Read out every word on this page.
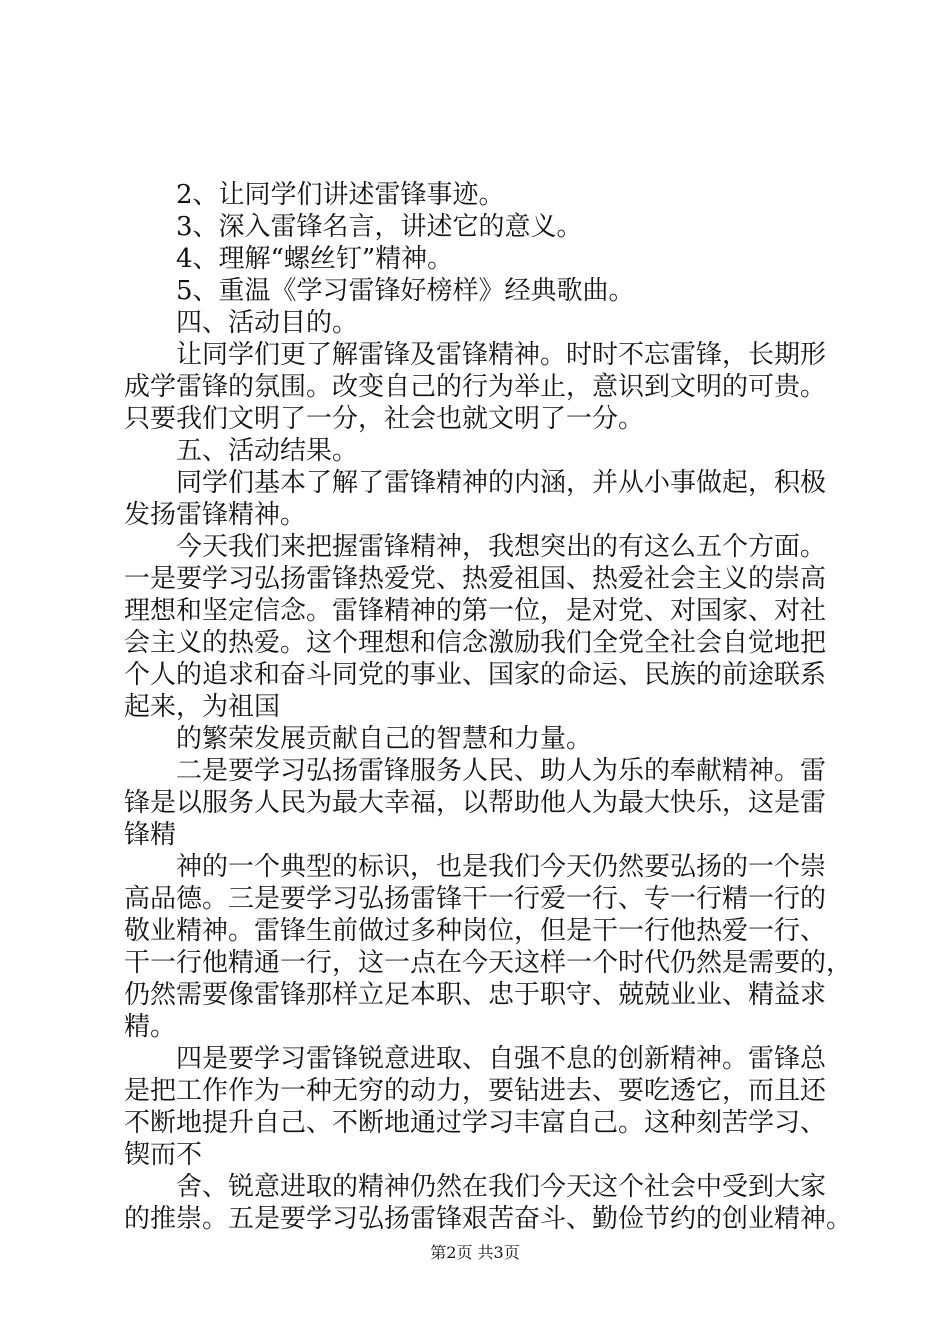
2、让同学们讲述雷锋事迹。
3、深入雷锋名言，讲述它的意义。
4、理解“螺丝钉”精神。
5、重温《学习雷锋好榜样》经典歌曲。
四、活动目的。
让同学们更了解雷锋及雷锋精神。时时不忘雷锋，长期形
成学雷锋的氛围。改变自己的行为举止，意识到文明的可贵。
只要我们文明了一分，社会也就文明了一分。
五、活动结果。
同学们基本了解了雷锋精神的内涵，并从小事做起，积极
发扬雷锋精神。
今天我们来把握雷锋精神，我想突出的有这么五个方面。
一是要学习弘扬雷锋热爱党、热爱祖国、热爱社会主义的崇高
理想和坚定信念。雷锋精神的第一位，是对党、对国家、对社
会主义的热爱。这个理想和信念激励我们全党全社会自觉地把
个人的追求和奋斗同党的事业、国家的命运、民族的前途联系
起来，为祖国
的繁荣发展贡献自己的智慧和力量。
二是要学习弘扬雷锋服务人民、助人为乐的奉献精神。雷
锋是以服务人民为最大幸福，以帮助他人为最大快乐，这是雷
锋精
神的一个典型的标识，也是我们今天仍然要弘扬的一个崇
高品德。三是要学习弘扬雷锋干一行爱一行、专一行精一行的
敬业精神。雷锋生前做过多种岗位，但是干一行他热爱一行、
干一行他精通一行，这一点在今天这样一个时代仍然是需要的，
仍然需要像雷锋那样立足本职、忠于职守、兢兢业业、精益求
精。
四是要学习雷锋锐意进取、自强不息的创新精神。雷锋总
是把工作作为一种无穷的动力，要钻进去、要吃透它，而且还
不断地提升自己、不断地通过学习丰富自己。这种刻苦学习、
锲而不
舍、锐意进取的精神仍然在我们今天这个社会中受到大家
的推崇。五是要学习弘扬雷锋艰苦奋斗、勤俭节约的创业精神。
第2页 共3页
